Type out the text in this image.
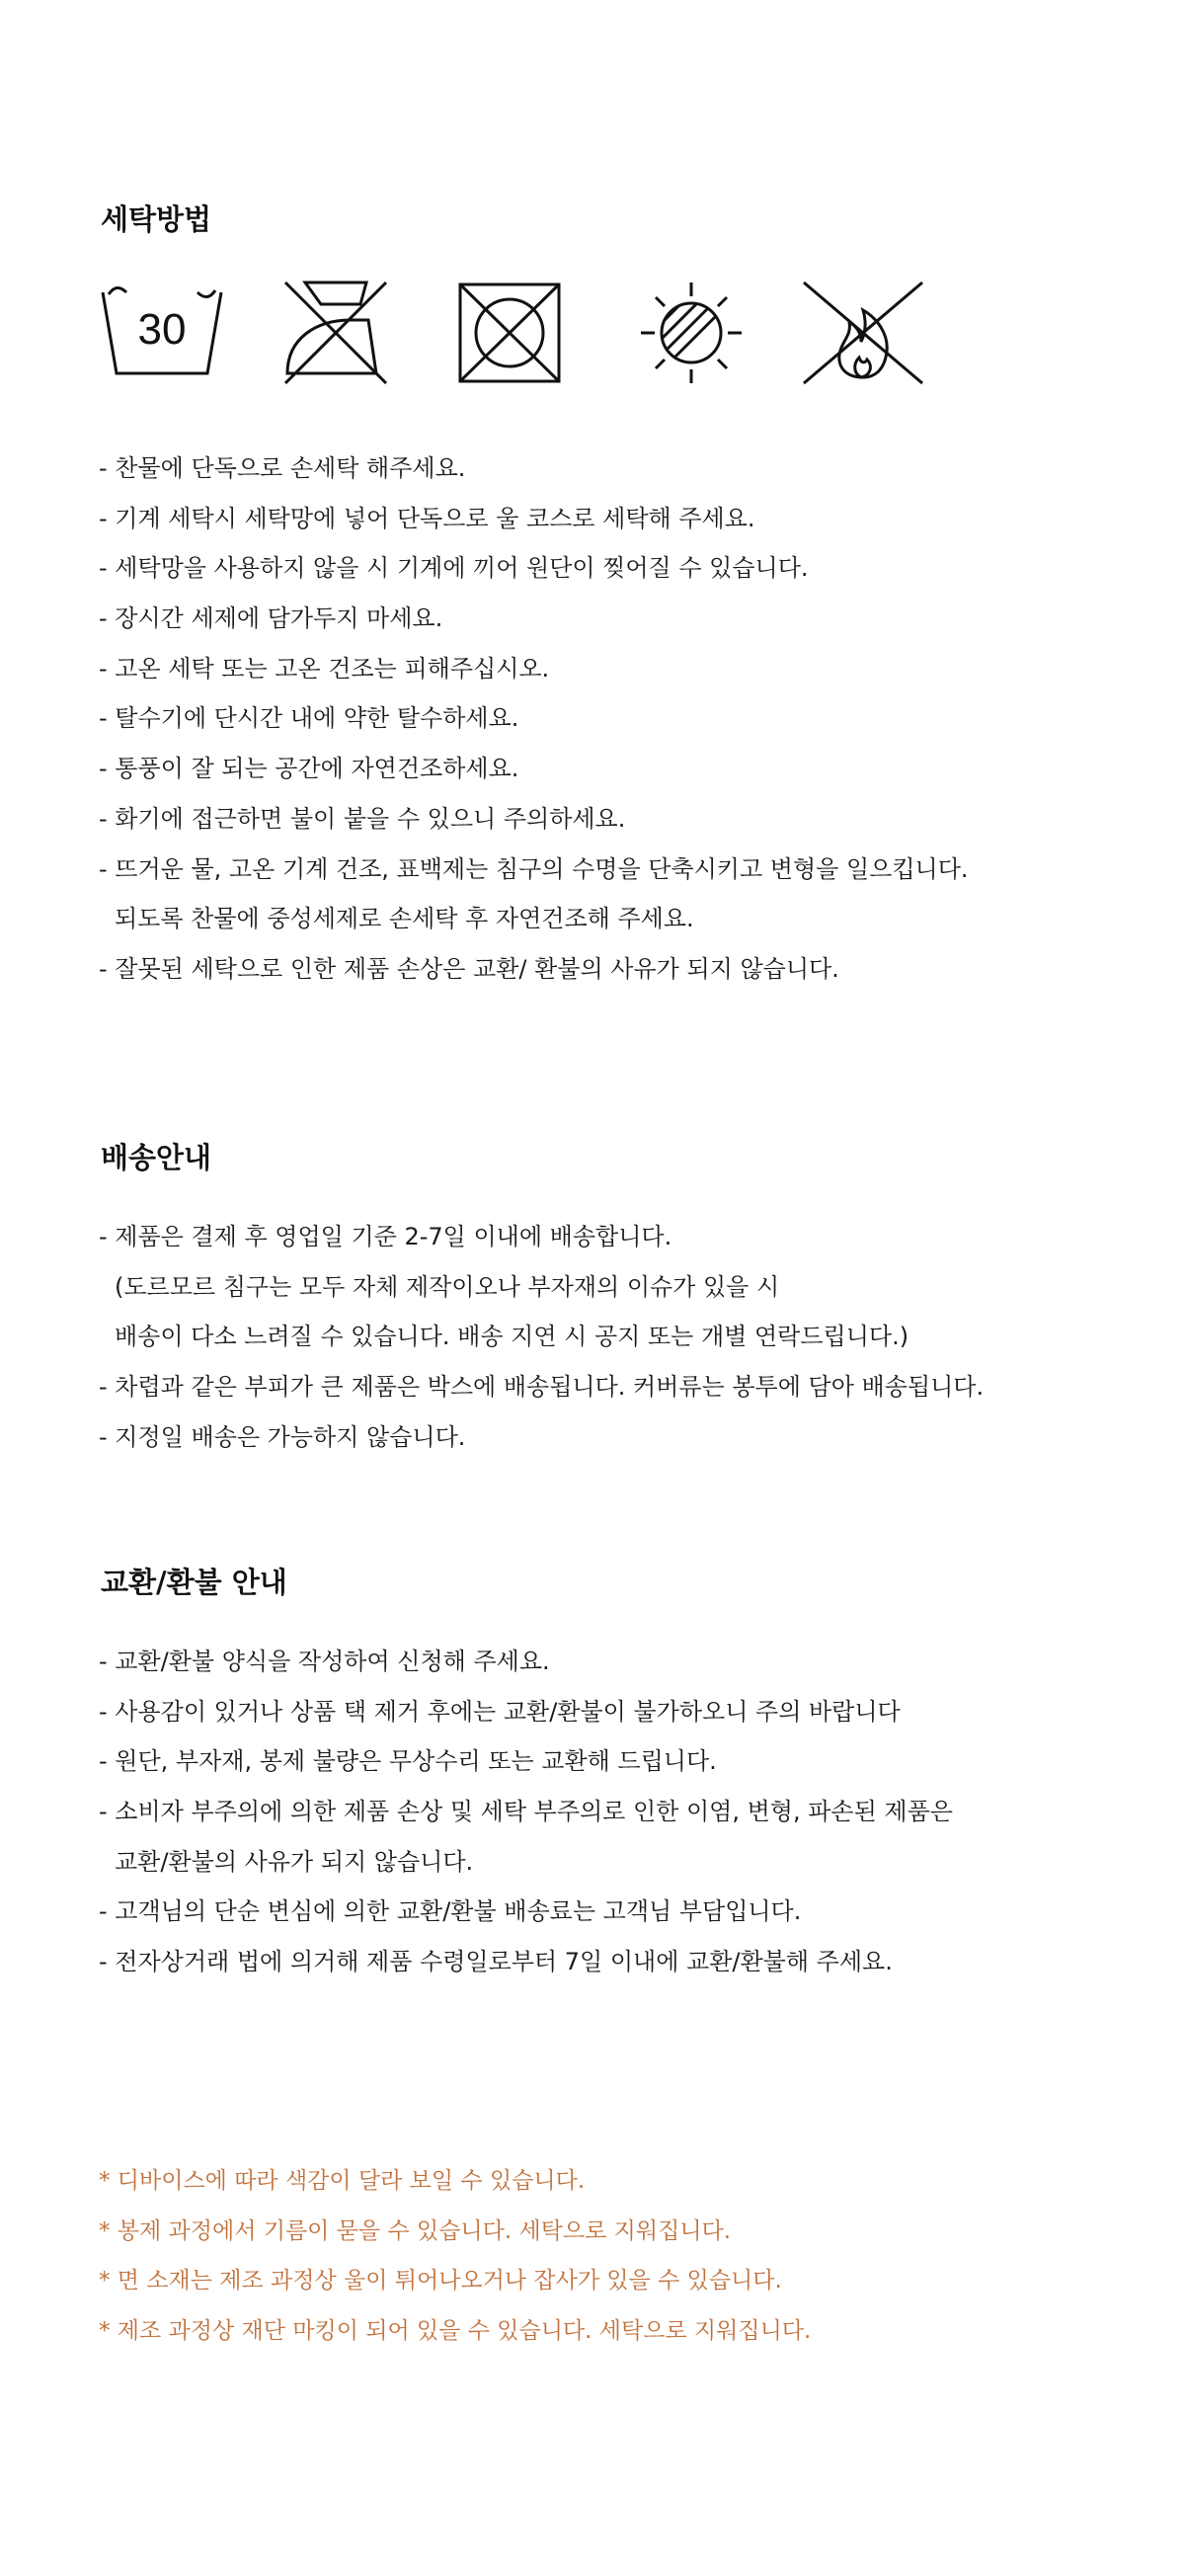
세탁방법
30
- 찬물에 단독으로 손세탁 해주세요.
- 기계 세탁시 세탁망에 넣어 단독으로 울 코스로 세탁해 주세요.
- 세탁망을 사용하지 않을 시 기계에 끼어 원단이 찢어질 수 있습니다.
- 장시간 세제에 담가두지 마세요.
- 고온 세탁 또는 고온 건조는 피해주십시오.
- 탈수기에 단시간 내에 약한 탈수하세요.
- 통풍이 잘 되는 공간에 자연건조하세요.
- 화기에 접근하면 불이 붙을 수 있으니 주의하세요.
- 뜨거운 물, 고온 기계 건조, 표백제는 침구의 수명을 단축시키고 변형을 일으킵니다.
되도록 찬물에 중성세제로 손세탁 후 자연건조해 주세요.
- 잘못된 세탁으로 인한 제품 손상은 교환/ 환불의 사유가 되지 않습니다.
배송안내
- 제품은 결제 후 영업일 기준 2-7일 이내에 배송합니다.
(도르모르 침구는 모두 자체 제작이오나 부자재의 이슈가 있을 시
배송이 다소 느려질 수 있습니다. 배송 지연 시 공지 또는 개별 연락드립니다.)
- 차렵과 같은 부피가 큰 제품은 박스에 배송됩니다. 커버류는 봉투에 담아 배송됩니다.
- 지정일 배송은 가능하지 않습니다.
교환/환불 안내
- 교환/환불 양식을 작성하여 신청해 주세요.
- 사용감이 있거나 상품 택 제거 후에는 교환/환불이 불가하오니 주의 바랍니다
- 원단, 부자재, 봉제 불량은 무상수리 또는 교환해 드립니다.
- 소비자 부주의에 의한 제품 손상 및 세탁 부주의로 인한 이염, 변형, 파손된 제품은
교환/환불의 사유가 되지 않습니다.
- 고객님의 단순 변심에 의한 교환/환불 배송료는 고객님 부담입니다.
- 전자상거래 법에 의거해 제품 수령일로부터 7일 이내에 교환/환불해 주세요.
* 디바이스에 따라 색감이 달라 보일 수 있습니다.
* 봉제 과정에서 기름이 묻을 수 있습니다. 세탁으로 지워집니다.
* 면 소재는 제조 과정상 울이 튀어나오거나 잡사가 있을 수 있습니다.
* 제조 과정상 재단 마킹이 되어 있을 수 있습니다. 세탁으로 지워집니다.
